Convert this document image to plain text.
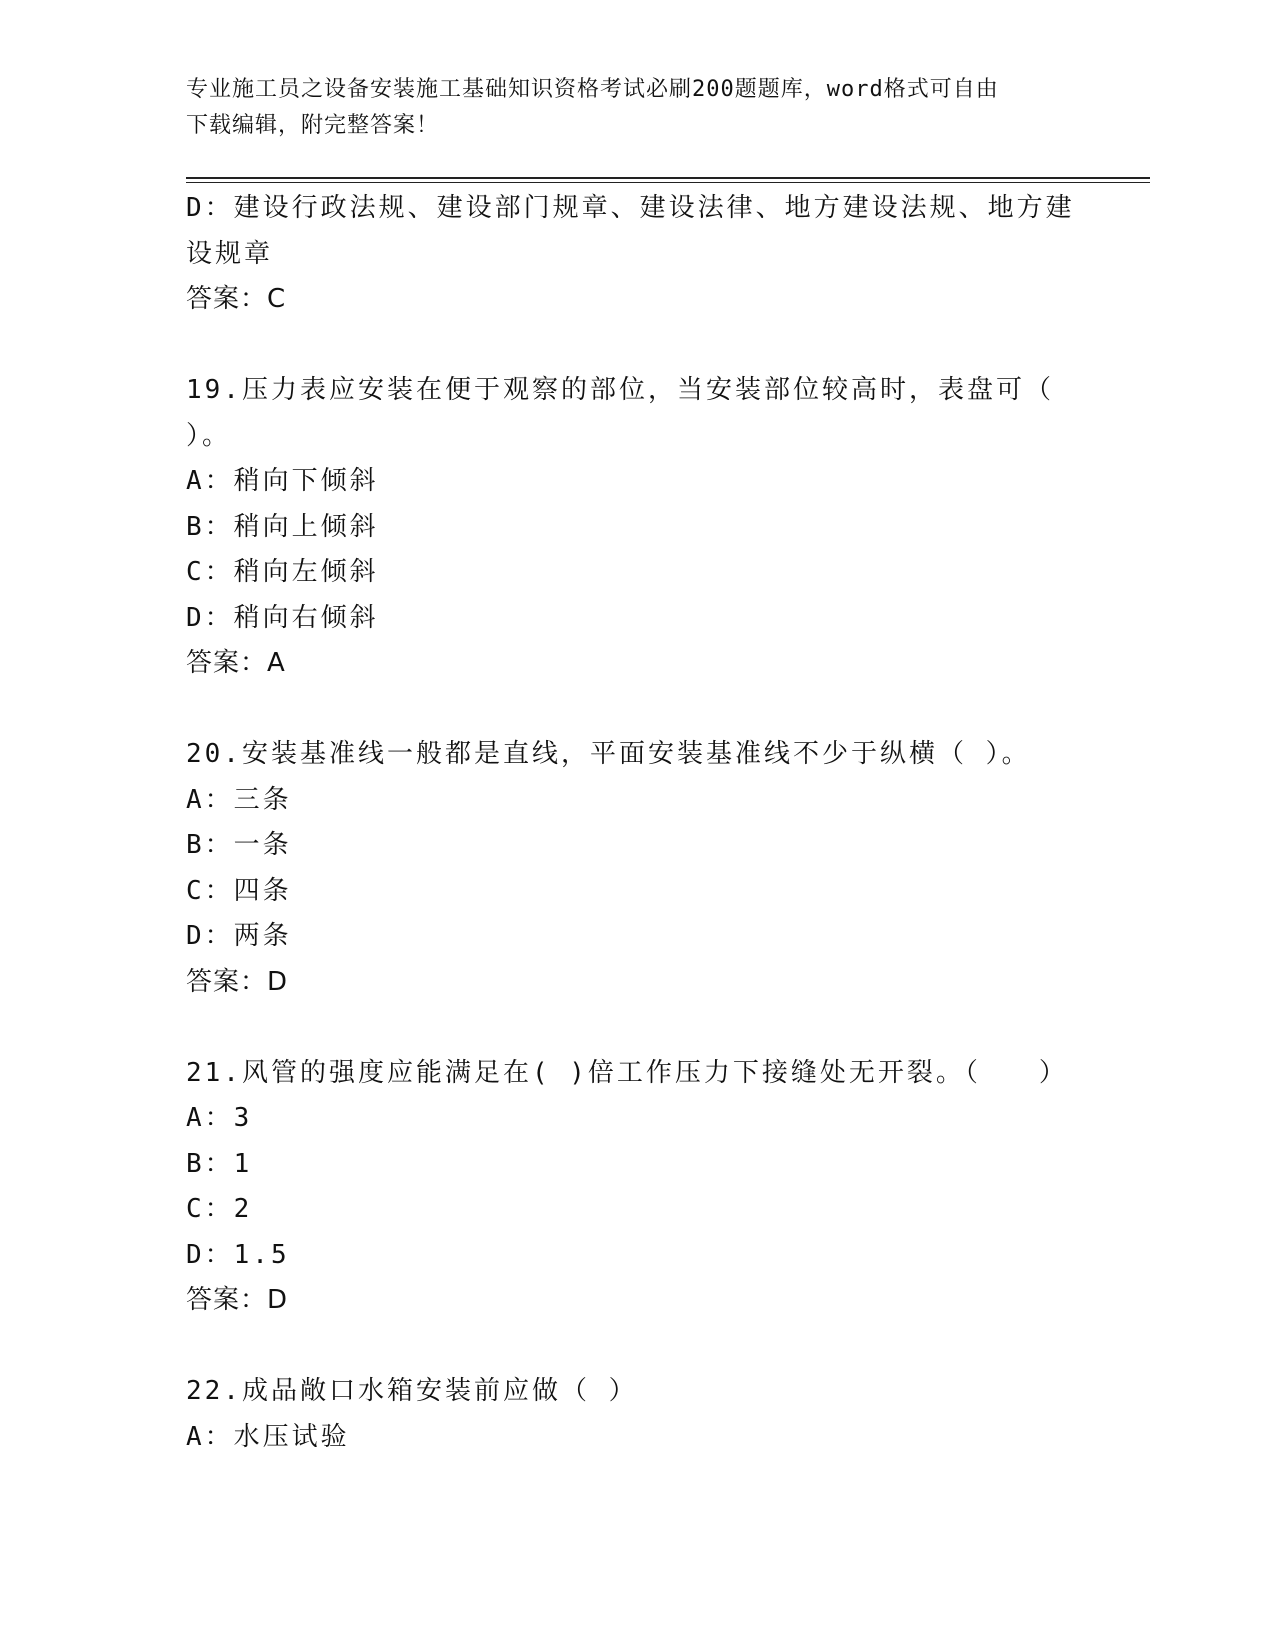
专业施工员之设备安装施工基础知识资格考试必刷200题题库，word格式可自由
下载编辑，附完整答案！

D：建设行政法规、建设部门规章、建设法律、地方建设法规、地方建

设规章

答案：C

19.压力表应安装在便于观察的部位，当安装部位较高时，表盘可（

）。

A：稍向下倾斜

B：稍向上倾斜

C：稍向左倾斜

D：稍向右倾斜

答案：A

20.安装基准线一般都是直线，平面安装基准线不少于纵横（ ）。

A：三条

B：一条

C：四条

D：两条

答案：D

21.风管的强度应能满足在( )倍工作压力下接缝处无开裂。（　　）

A：3

B：1

C：2

D：1.5

答案：D

22.成品敞口水箱安装前应做（ ）

A：水压试验
